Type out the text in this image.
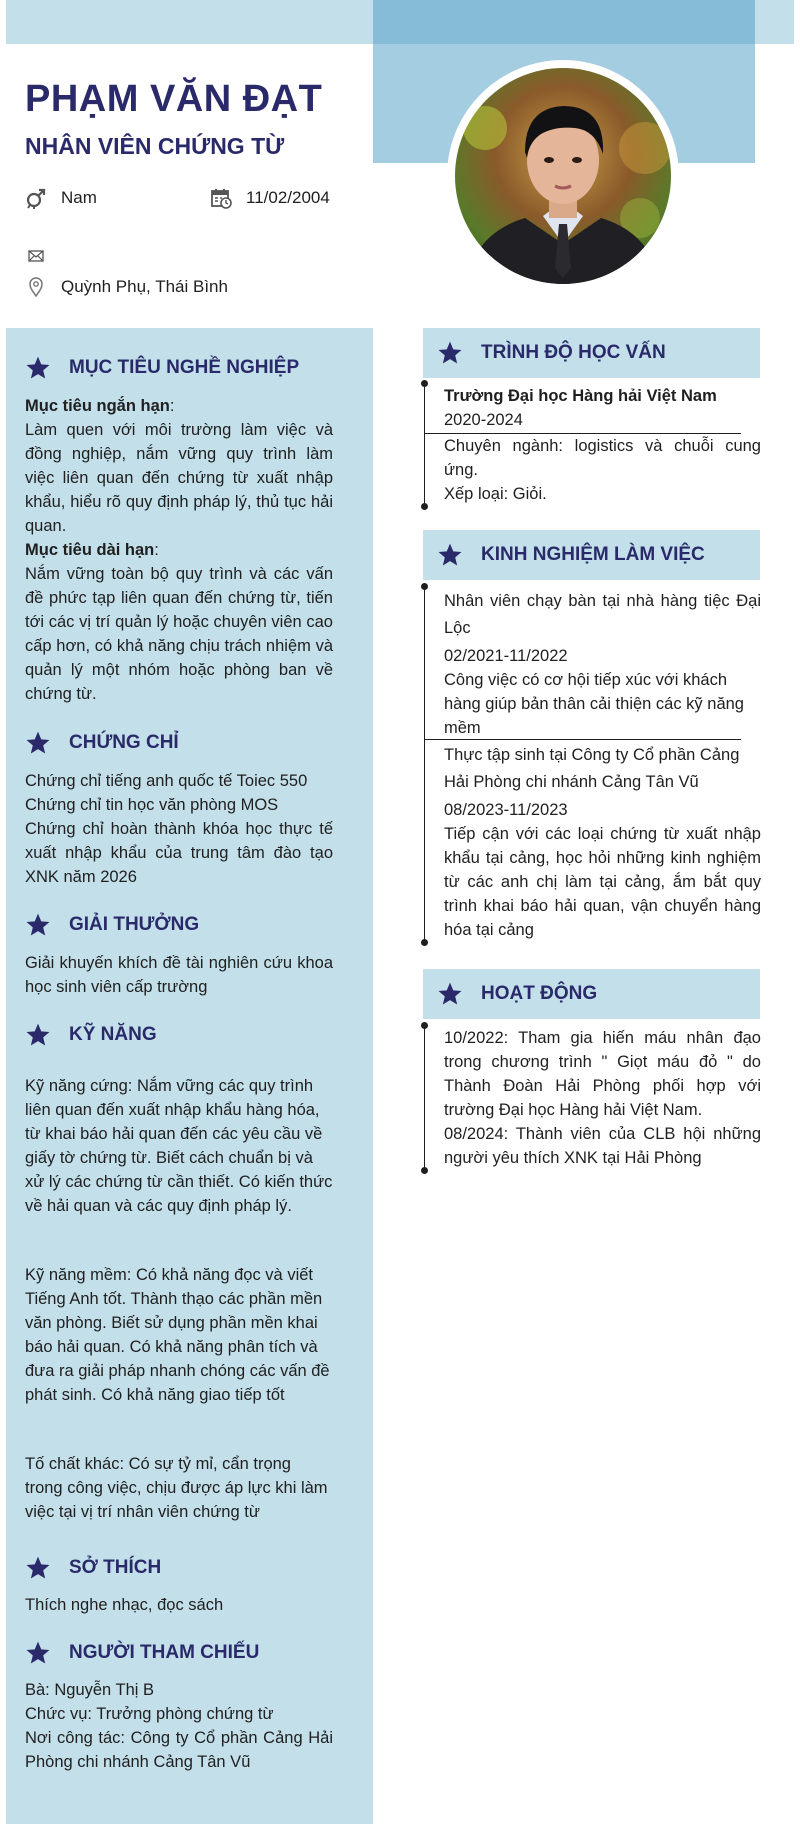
PHẠM VĂN ĐẠT
NHÂN VIÊN CHỨNG TỪ
Nam	11/02/2004
Quỳnh Phụ, Thái Bình
MỤC TIÊU NGHỀ NGHIỆP

Mục tiêu ngắn hạn:

Làm quen với môi trường làm việc và đồng nghiệp, nắm vững quy trình làm việc liên quan đến chứng từ xuất nhập khẩu, hiểu rõ quy định pháp lý, thủ tục hải quan.

Mục tiêu dài hạn:

Nắm vững toàn bộ quy trình và các vấn đề phức tạp liên quan đến chứng từ, tiến tới các vị trí quản lý hoặc chuyên viên cao cấp hơn, có khả năng chịu trách nhiệm và quản lý một nhóm hoặc phòng ban về chứng từ.

CHỨNG CHỈ

Chứng chỉ tiếng anh quốc tế Toiec 550

Chứng chỉ tin học văn phòng MOS

Chứng chỉ hoàn thành khóa học thực tế xuất nhập khẩu của trung tâm đào tạo XNK năm 2026

GIẢI THƯỞNG
Giải khuyến khích đề tài nghiên cứu khoa học sinh viên cấp trường
KỸ NĂNG
Kỹ năng cứng: Nắm vững các quy trình liên quan đến xuất nhập khẩu hàng hóa, từ khai báo hải quan đến các yêu cầu về giấy tờ chứng từ. Biết cách chuẩn bị và xử lý các chứng từ cần thiết. Có kiến thức về hải quan và các quy định pháp lý.
Kỹ năng mềm: Có khả năng đọc và viết Tiếng Anh tốt. Thành thạo các phần mền văn phòng. Biết sử dụng phần mền khai báo hải quan. Có khả năng phân tích và đưa ra giải pháp nhanh chóng các vấn đề phát sinh. Có khả năng giao tiếp tốt
Tố chất khác: Có sự tỷ mỉ, cẩn trọng trong công việc, chịu được áp lực khi làm việc tại vị trí nhân viên chứng từ
SỞ THÍCH
Thích nghe nhạc, đọc sách
NGƯỜI THAM CHIẾU

Bà: Nguyễn Thị B

Chức vụ: Trưởng phòng chứng từ

Nơi công tác: Công ty Cổ phần Cảng Hải Phòng chi nhánh Cảng Tân Vũ

TRÌNH ĐỘ HỌC VẤN

Trường Đại học Hàng hải Việt Nam

2020-2024

Chuyên ngành: logistics và chuỗi cung ứng.

Xếp loại: Giỏi.

KINH NGHIỆM LÀM VIỆC

Nhân viên chạy bàn tại nhà hàng tiệc Đại Lộc

02/2021-11/2022

Công việc có cơ hội tiếp xúc với khách hàng giúp bản thân cải thiện các kỹ năng mềm

Thực tập sinh tại Công ty Cổ phần Cảng Hải Phòng chi nhánh Cảng Tân Vũ

08/2023-11/2023

Tiếp cận với các loại chứng từ xuất nhập khẩu tại cảng, học hỏi những kinh nghiệm từ các anh chị làm tại cảng, ắm bắt quy trình khai báo hải quan, vận chuyển hàng hóa tại cảng

HOẠT ĐỘNG

10/2022: Tham gia hiến máu nhân đạo trong chương trình " Giọt máu đỏ " do Thành Đoàn Hải Phòng phối hợp với trường Đại học Hàng hải Việt Nam.

08/2024: Thành viên của CLB hội những người yêu thích XNK tại Hải Phòng
